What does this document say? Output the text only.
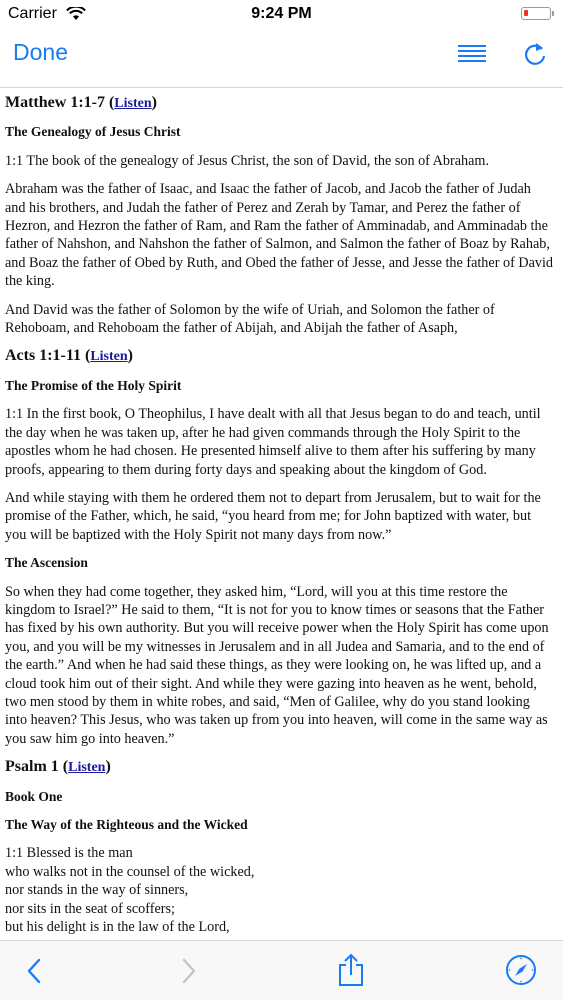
Carrier	9:24 PM
Done
Matthew 1:1-7 (Listen)
The Genealogy of Jesus Christ

1:1 The book of the genealogy of Jesus Christ, the son of David, the son of Abraham.

Abraham was the father of Isaac, and Isaac the father of Jacob, and Jacob the father of Judah and his brothers, and Judah the father of Perez and Zerah by Tamar, and Perez the father of Hezron, and Hezron the father of Ram, and Ram the father of Amminadab, and Amminadab the father of Nahshon, and Nahshon the father of Salmon, and Salmon the father of Boaz by Rahab, and Boaz the father of Obed by Ruth, and Obed the father of Jesse, and Jesse the father of David the king.

And David was the father of Solomon by the wife of Uriah, and Solomon the father of Rehoboam, and Rehoboam the father of Abijah, and Abijah the father of Asaph,

Acts 1:1-11 (Listen)
The Promise of the Holy Spirit

1:1 In the first book, O Theophilus, I have dealt with all that Jesus began to do and teach, until the day when he was taken up, after he had given commands through the Holy Spirit to the apostles whom he had chosen. He presented himself alive to them after his suffering by many proofs, appearing to them during forty days and speaking about the kingdom of God.

And while staying with them he ordered them not to depart from Jerusalem, but to wait for the promise of the Father, which, he said, “you heard from me; for John baptized with water, but you will be baptized with the Holy Spirit not many days from now.”

The Ascension

So when they had come together, they asked him, “Lord, will you at this time restore the kingdom to Israel?” He said to them, “It is not for you to know times or seasons that the Father has fixed by his own authority. But you will receive power when the Holy Spirit has come upon you, and you will be my witnesses in Jerusalem and in all Judea and Samaria, and to the end of the earth.” And when he had said these things, as they were looking on, he was lifted up, and a cloud took him out of their sight. And while they were gazing into heaven as he went, behold, two men stood by them in white robes, and said, “Men of Galilee, why do you stand looking into heaven? This Jesus, who was taken up from you into heaven, will come in the same way as you saw him go into heaven.”

Psalm 1 (Listen)
Book One
The Way of the Righteous and the Wicked

1:1 Blessed is the man

who walks not in the counsel of the wicked,

nor stands in the way of sinners,

nor sits in the seat of scoffers;

but his delight is in the law of the Lord,
